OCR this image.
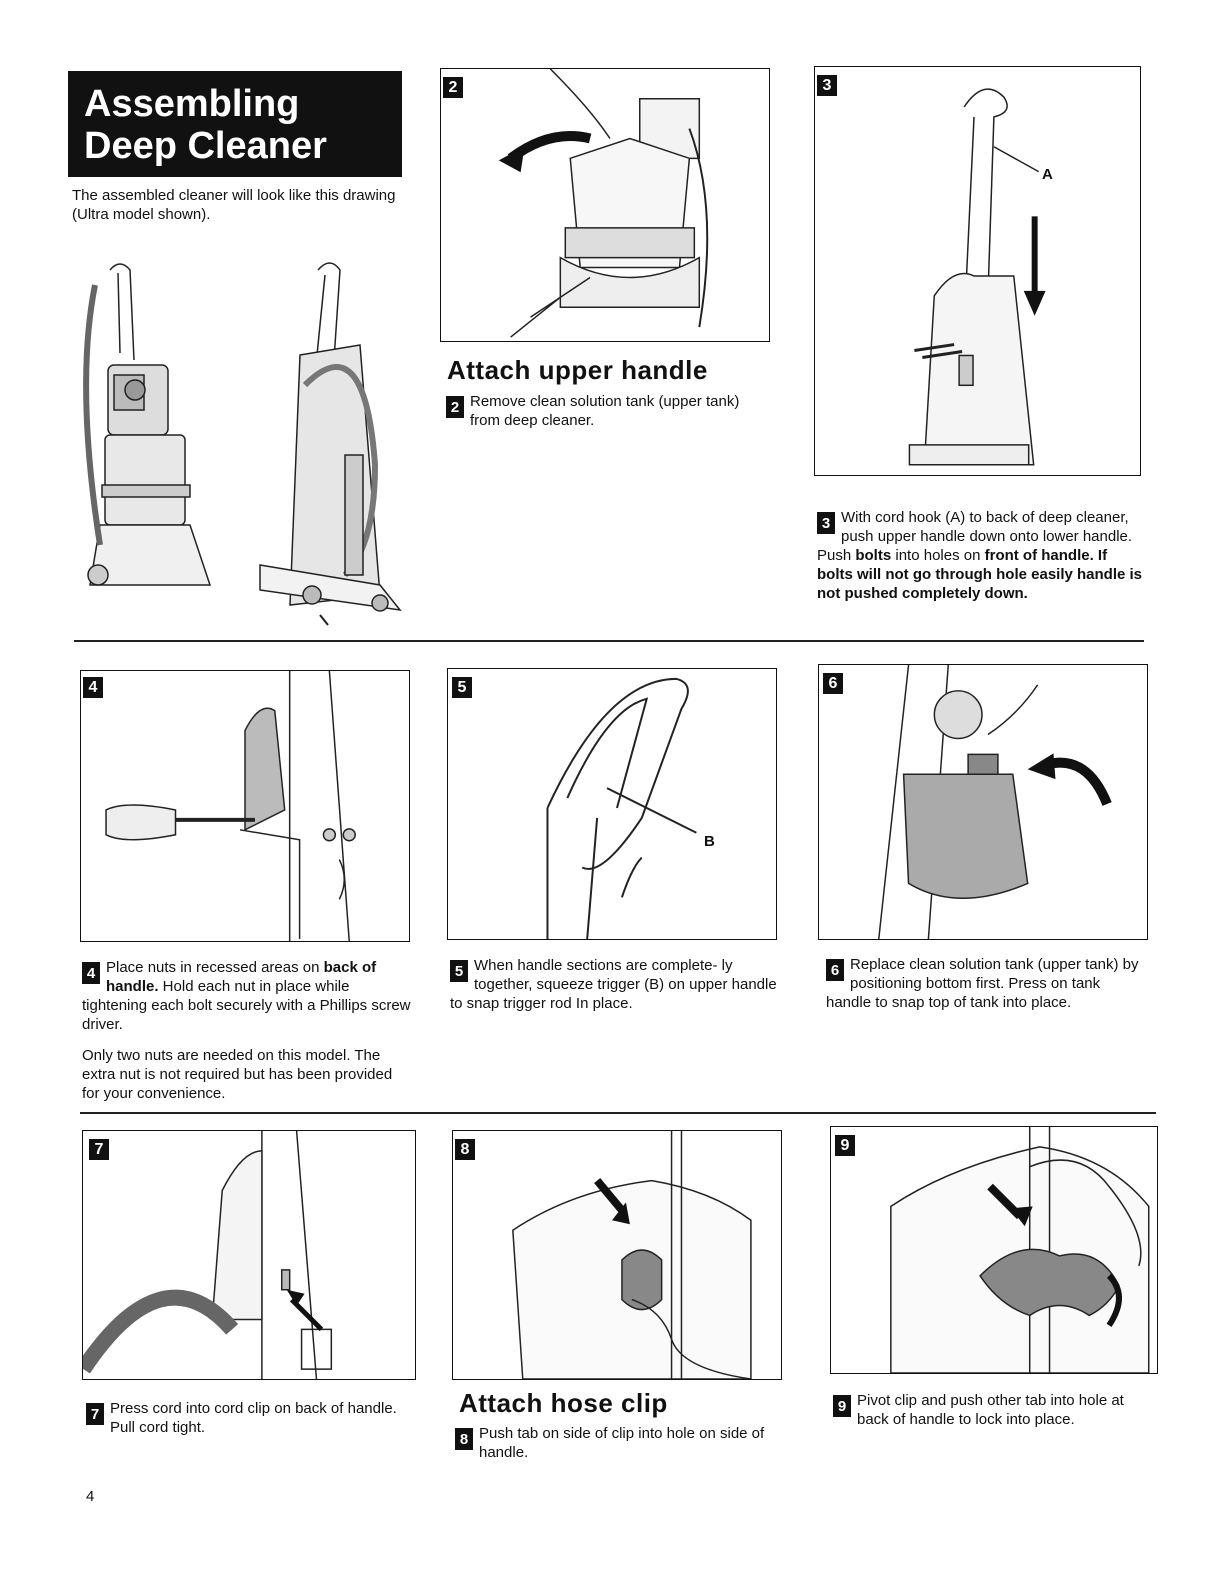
Assembling
Deep Cleaner
The assembled cleaner will look like this drawing (Ultra model shown).
2
Attach upper handle
2 Remove clean solution tank (upper tank) from deep cleaner.
3
A
3 With cord hook (A) to back of deep cleaner, push upper handle down onto lower handle. Push bolts into holes on front of handle. If bolts will not go through hole easily handle is not pushed completely down.
4
4 Place nuts in recessed areas on back of handle. Hold each nut in place while tightening each bolt securely with a Phillips screw driver.
Only two nuts are needed on this model. The extra nut is not required but has been provided for your convenience.
5
B
5 When handle sections are complete- ly together, squeeze trigger (B) on upper handle to snap trigger rod In place.
6
6 Replace clean solution tank (upper tank) by positioning bottom first. Press on tank handle to snap top of tank into place.
7
7 Press cord into cord clip on back of handle. Pull cord tight.
8
Attach hose clip
8 Push tab on side of clip into hole on side of handle.
9
9 Pivot clip and push other tab into hole at back of handle to lock into place.
4
